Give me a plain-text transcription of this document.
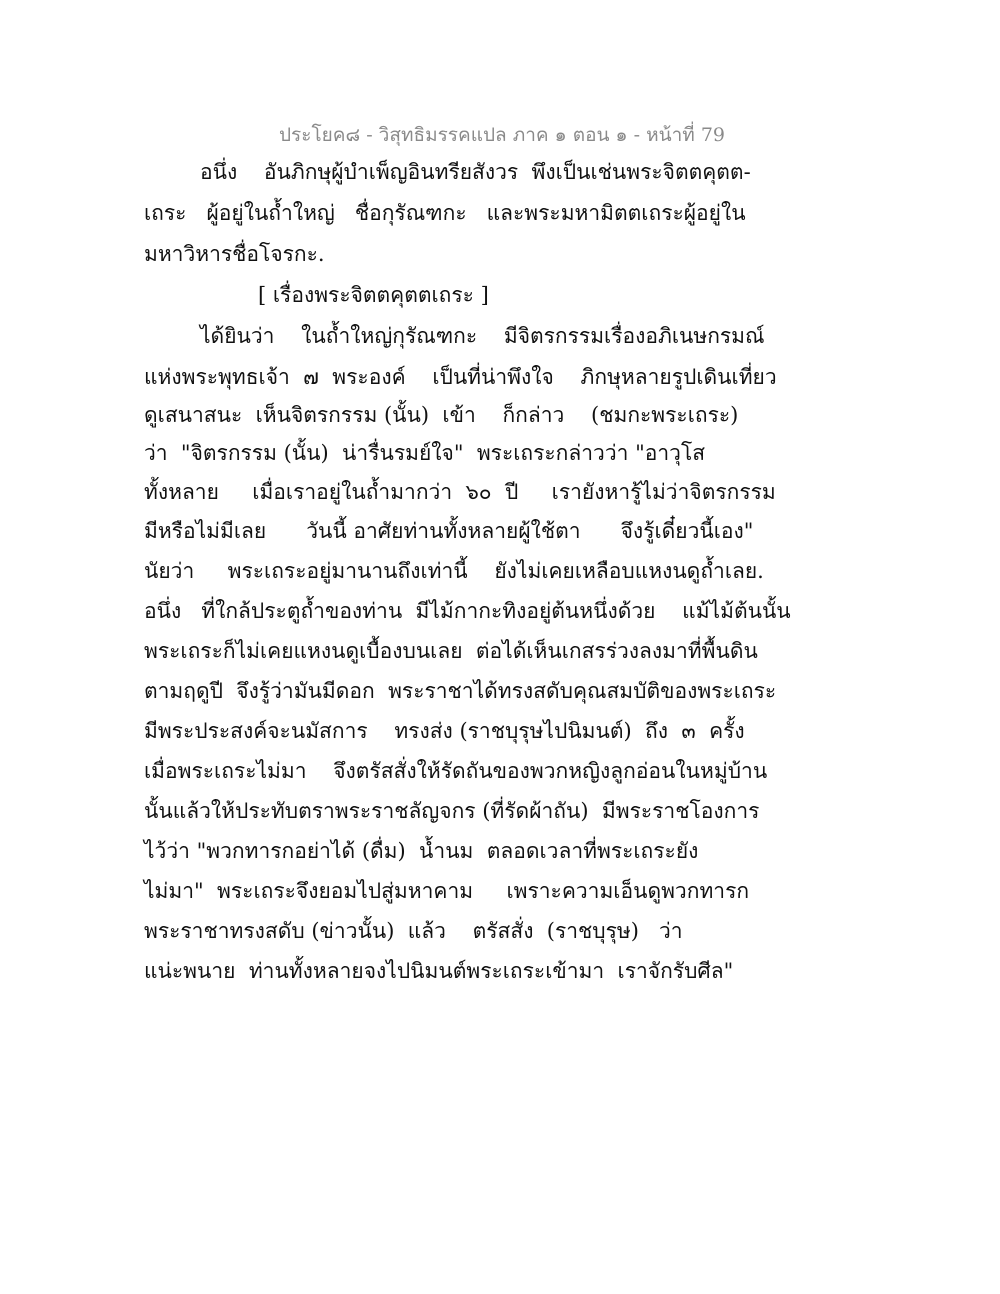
ประโยค๘ - วิสุทธิมรรคแปล ภาค ๑ ตอน ๑ - หน้าที่ 79
อนึ่ง    อันภิกษุผู้บำเพ็ญอินทรียสังวร  พึงเป็นเช่นพระจิตตคุตต-
เถระ   ผู้อยู่ในถ้ำใหญ่   ชื่อกุรัณฑกะ   และพระมหามิตตเถระผู้อยู่ใน
มหาวิหารชื่อโจรกะ.
[ เรื่องพระจิตตคุตตเถระ ]
ได้ยินว่า    ในถ้ำใหญ่กุรัณฑกะ    มีจิตรกรรมเรื่องอภิเนษกรมณ์
แห่งพระพุทธเจ้า  ๗  พระองค์    เป็นที่น่าพึงใจ    ภิกษุหลายรูปเดินเที่ยว
ดูเสนาสนะ  เห็นจิตรกรรม (นั้น)  เข้า    ก็กล่าว    (ชมกะพระเถระ)
ว่า  "จิตรกรรม (นั้น)  น่ารื่นรมย์ใจ"  พระเถระกล่าวว่า "อาวุโส
ทั้งหลาย     เมื่อเราอยู่ในถ้ำมากว่า  ๖๐  ปี     เรายังหารู้ไม่ว่าจิตรกรรม
มีหรือไม่มีเลย      วันนี้ อาศัยท่านทั้งหลายผู้ใช้ตา      จึงรู้เดี๋ยวนี้เอง"
นัยว่า     พระเถระอยู่มานานถึงเท่านี้    ยังไม่เคยเหลือบแหงนดูถ้ำเลย.
อนึ่ง   ที่ใกล้ประตูถ้ำของท่าน  มีไม้กากะทิงอยู่ต้นหนึ่งด้วย    แม้ไม้ต้นนั้น
พระเถระก็ไม่เคยแหงนดูเบื้องบนเลย  ต่อได้เห็นเกสรร่วงลงมาที่พื้นดิน
ตามฤดูปี  จึงรู้ว่ามันมีดอก  พระราชาได้ทรงสดับคุณสมบัติของพระเถระ
มีพระประสงค์จะนมัสการ    ทรงส่ง (ราชบุรุษไปนิมนต์)  ถึง  ๓  ครั้ง
เมื่อพระเถระไม่มา    จึงตรัสสั่งให้รัดถันของพวกหญิงลูกอ่อนในหมู่บ้าน
นั้นแล้วให้ประทับตราพระราชลัญจกร (ที่รัดผ้าถัน)  มีพระราชโองการ
ไว้ว่า "พวกทารกอย่าได้ (ดื่ม)  น้ำนม  ตลอดเวลาที่พระเถระยัง
ไม่มา"  พระเถระจึงยอมไปสู่มหาคาม     เพราะความเอ็นดูพวกทารก
พระราชาทรงสดับ (ข่าวนั้น)  แล้ว    ตรัสสั่ง  (ราชบุรุษ)   ว่า
แน่ะพนาย  ท่านทั้งหลายจงไปนิมนต์พระเถระเข้ามา  เราจักรับศีล"
